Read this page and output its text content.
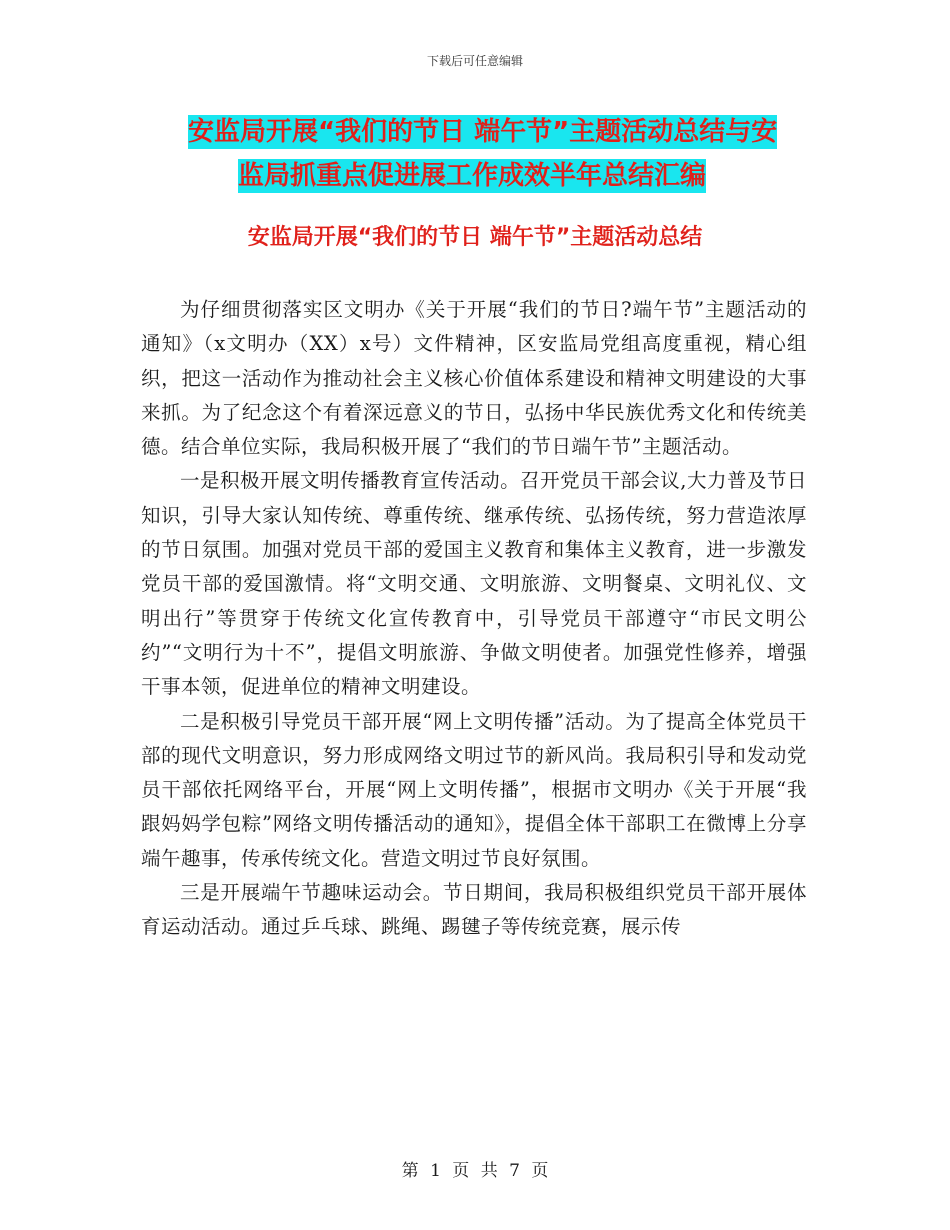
下载后可任意编辑
安监局开展“我们的节日 端午节”主题活动总结与安
监局抓重点促进展工作成效半年总结汇编
安监局开展“我们的节日 端午节”主题活动总结

为仔细贯彻落实区文明办《关于开展“我们的节日?端午节”主题活动的通知》（x文明办（XX）x号）文件精神，区安监局党组高度重视，精心组织，把这一活动作为推动社会主义核心价值体系建设和精神文明建设的大事来抓。为了纪念这个有着深远意义的节日，弘扬中华民族优秀文化和传统美德。结合单位实际，我局积极开展了“我们的节日端午节”主题活动。

一是积极开展文明传播教育宣传活动。召开党员干部会议,大力普及节日知识，引导大家认知传统、尊重传统、继承传统、弘扬传统，努力营造浓厚的节日氛围。加强对党员干部的爱国主义教育和集体主义教育，进一步激发党员干部的爱国激情。将“文明交通、文明旅游、文明餐桌、文明礼仪、文明出行”等贯穿于传统文化宣传教育中，引导党员干部遵守“市民文明公约”“文明行为十不”，提倡文明旅游、争做文明使者。加强党性修养，增强干事本领，促进单位的精神文明建设。

二是积极引导党员干部开展“网上文明传播”活动。为了提高全体党员干部的现代文明意识，努力形成网络文明过节的新风尚。我局积引导和发动党员干部依托网络平台，开展“网上文明传播”，根据市文明办《关于开展“我跟妈妈学包粽”网络文明传播活动的通知》，提倡全体干部职工在微博上分享端午趣事，传承传统文化。营造文明过节良好氛围。

三是开展端午节趣味运动会。节日期间，我局积极组织党员干部开展体育运动活动。通过乒乓球、跳绳、踢毽子等传统竞赛，展示传

第 1 页 共 7 页
